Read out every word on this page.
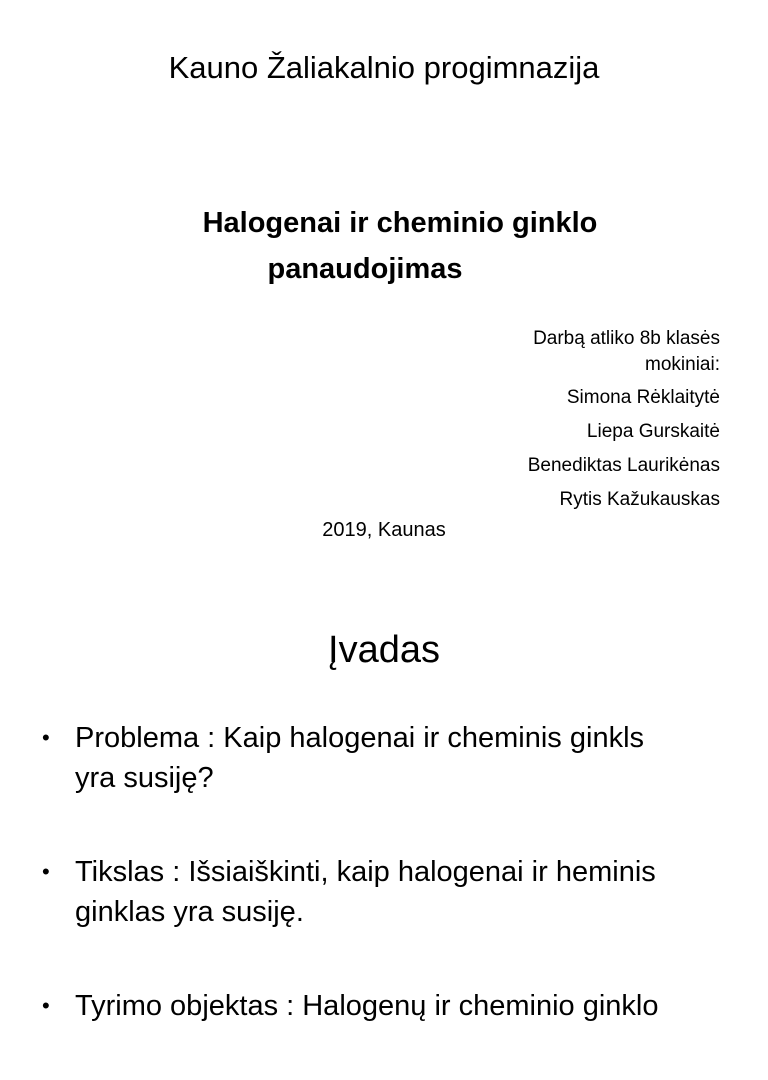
Kauno Žaliakalnio progimnazija
Halogenai ir cheminio ginklo
panaudojimas
Darbą atliko 8b klasės
mokiniai:
Simona Rėklaitytė
Liepa Gurskaitė
Benediktas Laurikėnas
Rytis Kažukauskas
2019, Kaunas
Įvadas
• Problema : Kaip halogenai ir cheminis ginkls
yra susiję?
• Tikslas : Išsiaiškinti, kaip halogenai ir heminis
ginklas yra susiję.
• Tyrimo objektas : Halogenų ir cheminio ginklo
